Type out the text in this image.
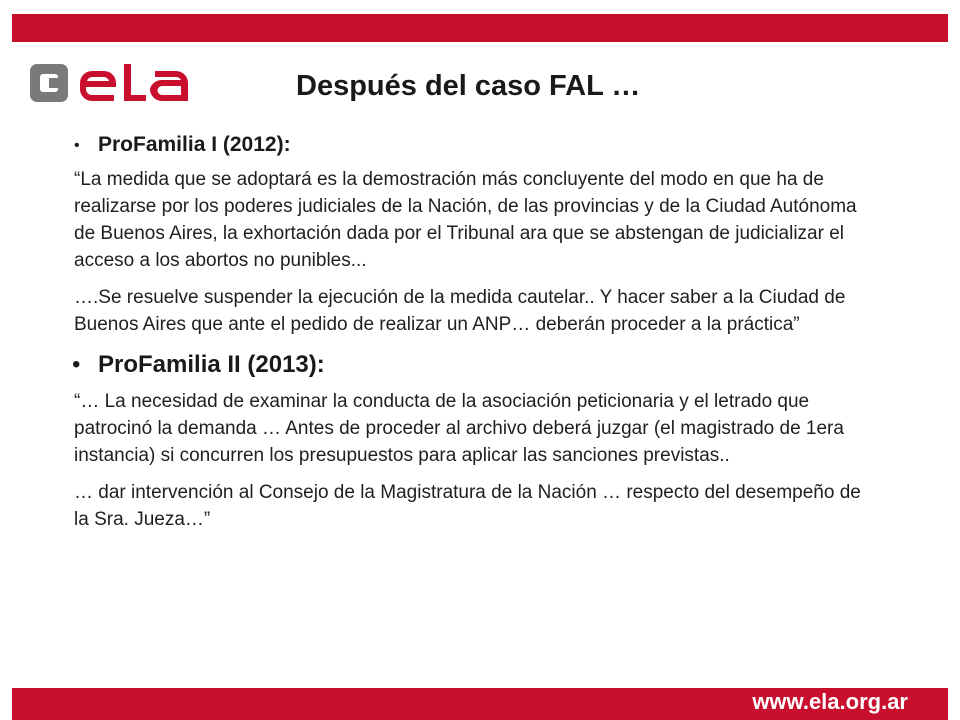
Después del caso FAL …
• ProFamilia I (2012):

“La medida que se adoptará es la demostración más concluyente del modo en que ha de realizarse por los poderes judiciales de la Nación, de las provincias y de la Ciudad Autónoma de Buenos Aires, la exhortación dada por el Tribunal ara que se abstengan de judicializar el acceso a los abortos no punibles...

….Se resuelve suspender la ejecución de la medida cautelar.. Y hacer saber a la Ciudad de Buenos Aires que ante el pedido de realizar un ANP… deberán proceder a la práctica”

• ProFamilia II (2013):

“… La necesidad de examinar la conducta de la asociación peticionaria y el letrado que patrocinó la demanda … Antes de proceder al archivo deberá juzgar (el magistrado de 1era instancia) si concurren los presupuestos para aplicar las sanciones previstas..

… dar intervención al Consejo de la Magistratura de la Nación … respecto del desempeño de la Sra. Jueza…”

www.ela.org.ar
